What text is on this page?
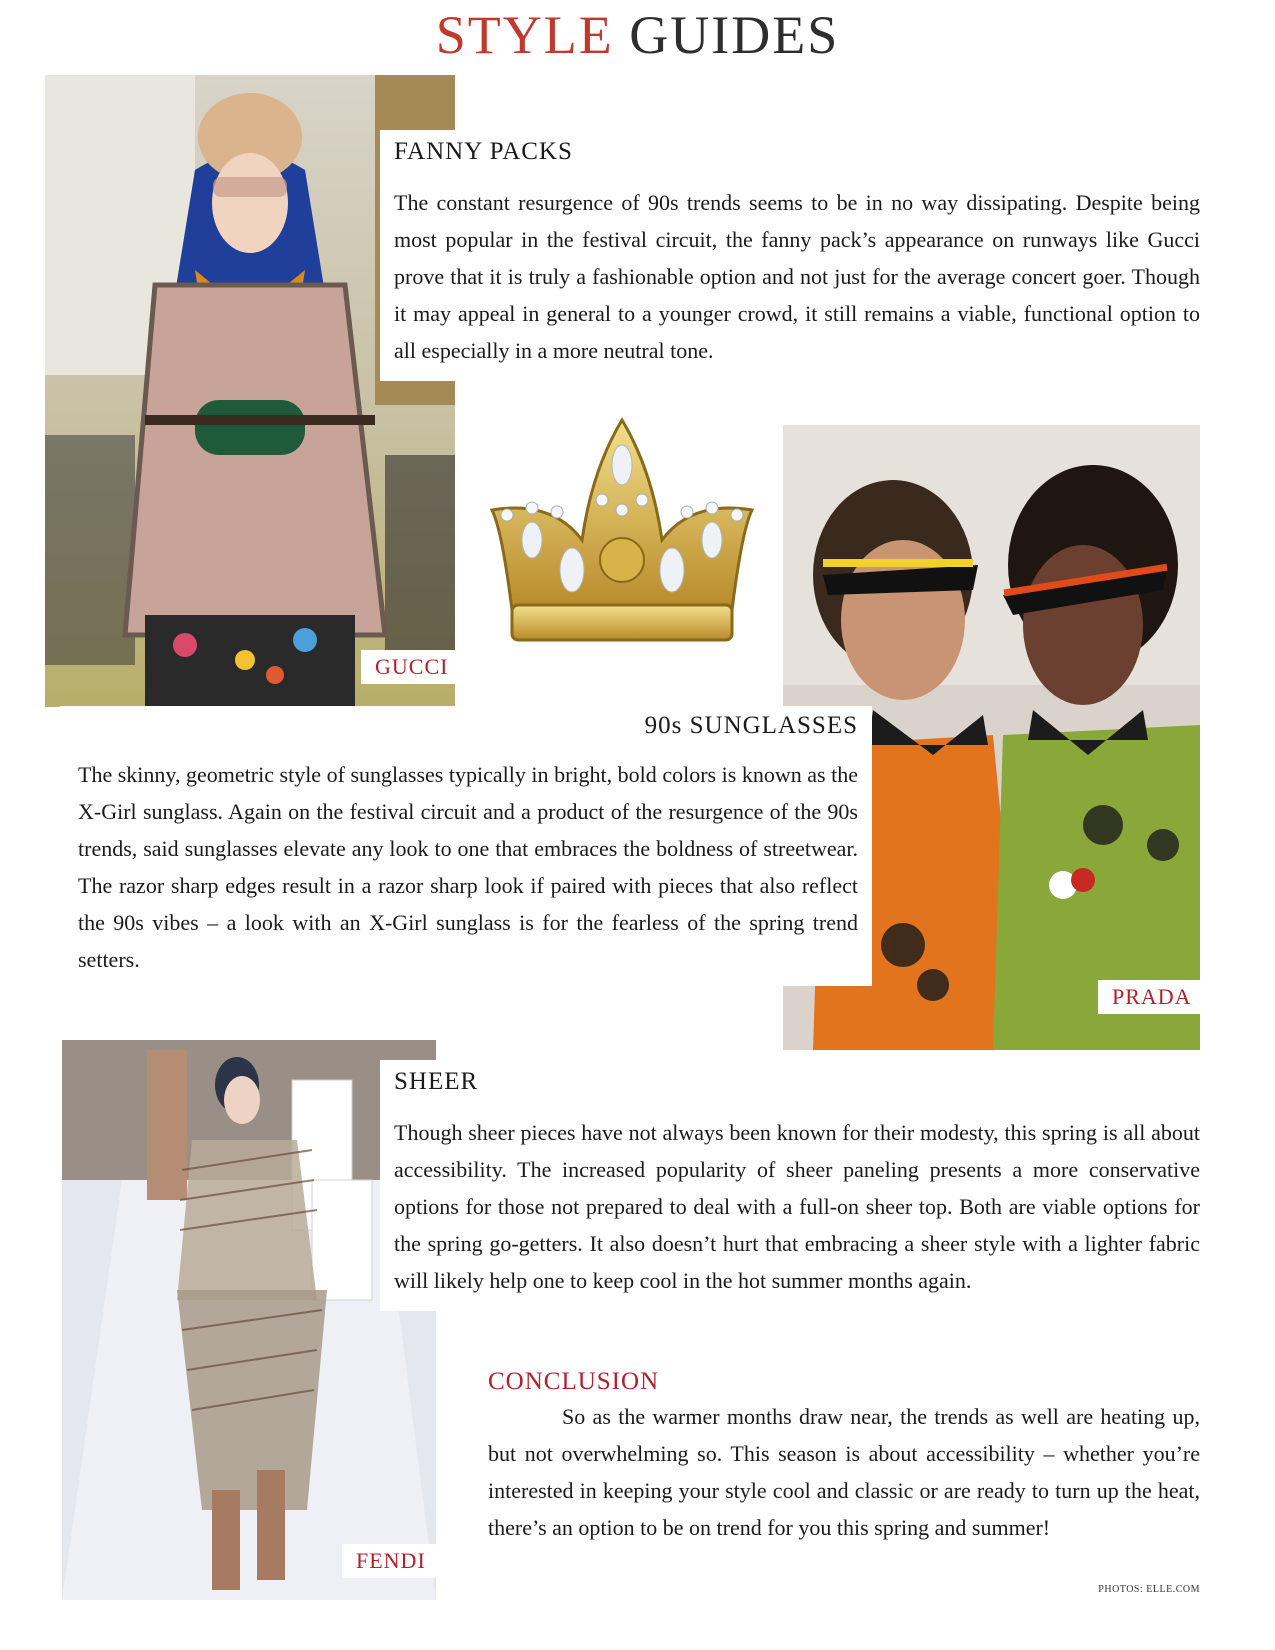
STYLE GUIDES
GUCCI
FANNY PACKS

The constant resurgence of 90s trends seems to be in no way dissipating. Despite being most popular in the festival circuit, the fanny pack’s appearance on runways like Gucci prove that it is truly a fashionable option and not just for the average concert goer. Though it may appeal in general to a younger crowd, it still remains a viable, functional option to all especially in a more neutral tone.

PRADA
90s SUNGLASSES

The skinny, geometric style of sunglasses typically in bright, bold colors is known as the X-Girl sunglass. Again on the festival circuit and a product of the resurgence of the 90s trends, said sunglasses elevate any look to one that embraces the boldness of streetwear. The razor sharp edges result in a razor sharp look if paired with pieces that also reflect the 90s vibes – a look with an X-Girl sunglass is for the fearless of the spring trend setters.

FENDI
SHEER

Though sheer pieces have not always been known for their modesty, this spring is all about accessibility. The increased popularity of sheer paneling presents a more conservative options for those not prepared to deal with a full-on sheer top. Both are viable options for the spring go-getters. It also doesn’t hurt that embracing a sheer style with a lighter fabric will likely help one to keep cool in the hot summer months again.

CONCLUSION

So as the warmer months draw near, the trends as well are heating up, but not overwhelming so. This season is about accessibility – whether you’re interested in keeping your style cool and classic or are ready to turn up the heat, there’s an option to be on trend for you this spring and summer!

PHOTOS: ELLE.COM
